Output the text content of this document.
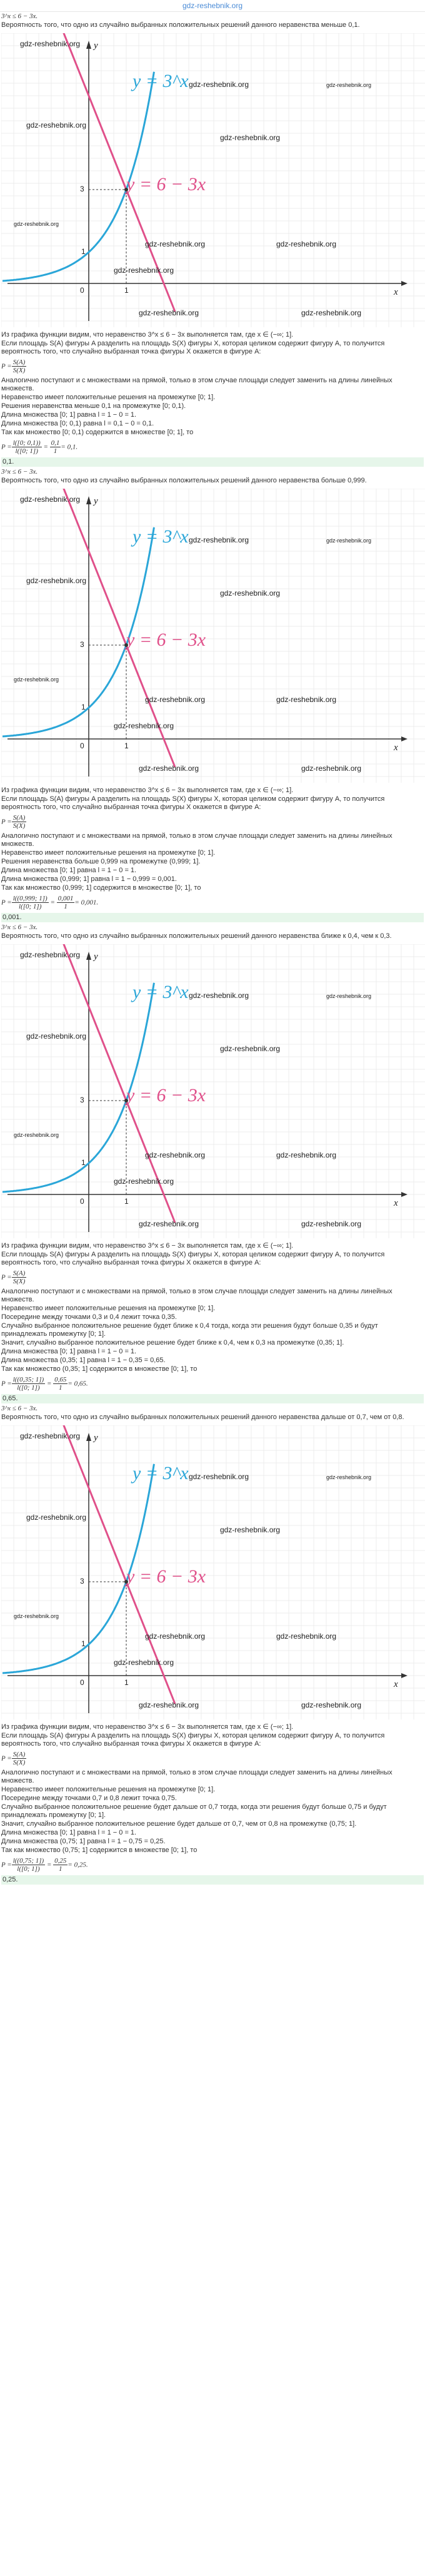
gdz-reshebnik.org
3^x ≤ 6 − 3x.
Вероятность того, что одно из случайно выбранных положительных решений данного неравенства меньше 0,1.
y
x
0	1
1
3
y = 3^x
y = 6 − 3x
gdz-reshebnik.org
gdz-reshebnik.org	gdz-reshebnik.org
gdz-reshebnik.org
gdz-reshebnik.org
gdz-reshebnik.org
gdz-reshebnik.org	gdz-reshebnik.org
gdz-reshebnik.org
gdz-reshebnik.org	gdz-reshebnik.org
Из графика функции видим, что неравенство 3^x ≤ 6 − 3x выполняется там, где x ∈ (−∞; 1].
Если площадь S(A) фигуры A разделить на площадь S(X) фигуры X, которая целиком содержит фигуру A, то получится вероятность того, что случайно выбранная точка фигуры X окажется в фигуре A:
$P = \frac{S(A)}{S(X)}$
Аналогично поступают и с множествами на прямой, только в этом случае площади следует заменить на длины линейных множеств.
Неравенство имеет положительные решения на промежутке [0; 1].
Решения неравенства меньше 0,1 на промежутке [0; 0,1).
Длина множества [0; 1] равна l = 1 − 0 = 1.
Длина множества [0; 0,1) равна l = 0,1 − 0 = 0,1.
Так как множество [0; 0,1) содержится в множестве [0; 1], то
$P = \frac{l([0; 0,1))}{l([0; 1])} = \frac{0,1}{1} = 0,1$.
0,1.
3^x ≤ 6 − 3x.
Вероятность того, что одно из случайно выбранных положительных решений данного неравенства больше 0,999.
y
x
0	1
1
3
y = 3^x
y = 6 − 3x
gdz-reshebnik.org
gdz-reshebnik.org	gdz-reshebnik.org
gdz-reshebnik.org
gdz-reshebnik.org
gdz-reshebnik.org
gdz-reshebnik.org	gdz-reshebnik.org
gdz-reshebnik.org
gdz-reshebnik.org	gdz-reshebnik.org
Из графика функции видим, что неравенство 3^x ≤ 6 − 3x выполняется там, где x ∈ (−∞; 1].
Если площадь S(A) фигуры A разделить на площадь S(X) фигуры X, которая целиком содержит фигуру A, то получится вероятность того, что случайно выбранная точка фигуры X окажется в фигуре A:
$P = \frac{S(A)}{S(X)}$
Аналогично поступают и с множествами на прямой, только в этом случае площади следует заменить на длины линейных множеств.
Неравенство имеет положительные решения на промежутке [0; 1].
Решения неравенства больше 0,999 на промежутке (0,999; 1].
Длина множества [0; 1] равна l = 1 − 0 = 1.
Длина множества (0,999; 1] равна l = 1 − 0,999 = 0,001.
Так как множество (0,999; 1] содержится в множестве [0; 1], то
$P = \frac{l((0,999; 1])}{l([0; 1])} = \frac{0,001}{1} = 0,001$.
0,001.
3^x ≤ 6 − 3x.
Вероятность того, что одно из случайно выбранных положительных решений данного неравенства ближе к 0,4, чем к 0,3.
y
x
0	1
1
3
y = 3^x
y = 6 − 3x
gdz-reshebnik.org
gdz-reshebnik.org	gdz-reshebnik.org
gdz-reshebnik.org
gdz-reshebnik.org
gdz-reshebnik.org
gdz-reshebnik.org	gdz-reshebnik.org
gdz-reshebnik.org
gdz-reshebnik.org	gdz-reshebnik.org
Из графика функции видим, что неравенство 3^x ≤ 6 − 3x выполняется там, где x ∈ (−∞; 1].
Если площадь S(A) фигуры A разделить на площадь S(X) фигуры X, которая целиком содержит фигуру A, то получится вероятность того, что случайно выбранная точка фигуры X окажется в фигуре A:
$P = \frac{S(A)}{S(X)}$
Аналогично поступают и с множествами на прямой, только в этом случае площади следует заменить на длины линейных множеств.
Неравенство имеет положительные решения на промежутке [0; 1].
Посередине между точками 0,3 и 0,4 лежит точка 0,35.
Случайно выбранное положительное решение будет ближе к 0,4 тогда, когда эти решения будут больше 0,35 и будут принадлежать промежутку [0; 1].
Значит, случайно выбранное положительное решение будет ближе к 0,4, чем к 0,3 на промежутке (0,35; 1].
Длина множества [0; 1] равна l = 1 − 0 = 1.
Длина множества (0,35; 1] равна l = 1 − 0,35 = 0,65.
Так как множество (0,35; 1] содержится в множестве [0; 1], то
$P = \frac{l((0,35; 1])}{l([0; 1])} = \frac{0,65}{1} = 0,65$.
0,65.
3^x ≤ 6 − 3x.
Вероятность того, что одно из случайно выбранных положительных решений данного неравенства дальше от 0,7, чем от 0,8.
y
x
0	1
1
3
y = 3^x
y = 6 − 3x
gdz-reshebnik.org
gdz-reshebnik.org	gdz-reshebnik.org
gdz-reshebnik.org
gdz-reshebnik.org
gdz-reshebnik.org
gdz-reshebnik.org	gdz-reshebnik.org
gdz-reshebnik.org
gdz-reshebnik.org	gdz-reshebnik.org
Из графика функции видим, что неравенство 3^x ≤ 6 − 3x выполняется там, где x ∈ (−∞; 1].
Если площадь S(A) фигуры A разделить на площадь S(X) фигуры X, которая целиком содержит фигуру A, то получится вероятность того, что случайно выбранная точка фигуры X окажется в фигуре A:
$P = \frac{S(A)}{S(X)}$
Аналогично поступают и с множествами на прямой, только в этом случае площади следует заменить на длины линейных множеств.
Неравенство имеет положительные решения на промежутке [0; 1].
Посередине между точками 0,7 и 0,8 лежит точка 0,75.
Случайно выбранное положительное решение будет дальше от 0,7 тогда, когда эти решения будут больше 0,75 и будут принадлежать промежутку [0; 1].
Значит, случайно выбранное положительное решение будет дальше от 0,7, чем от 0,8 на промежутке (0,75; 1].
Длина множества [0; 1] равна l = 1 − 0 = 1.
Длина множества (0,75; 1] равна l = 1 − 0,75 = 0,25.
Так как множество (0,75; 1] содержится в множестве [0; 1], то
$P = \frac{l((0,75; 1])}{l([0; 1])} = \frac{0,25}{1} = 0,25$.
0,25.
